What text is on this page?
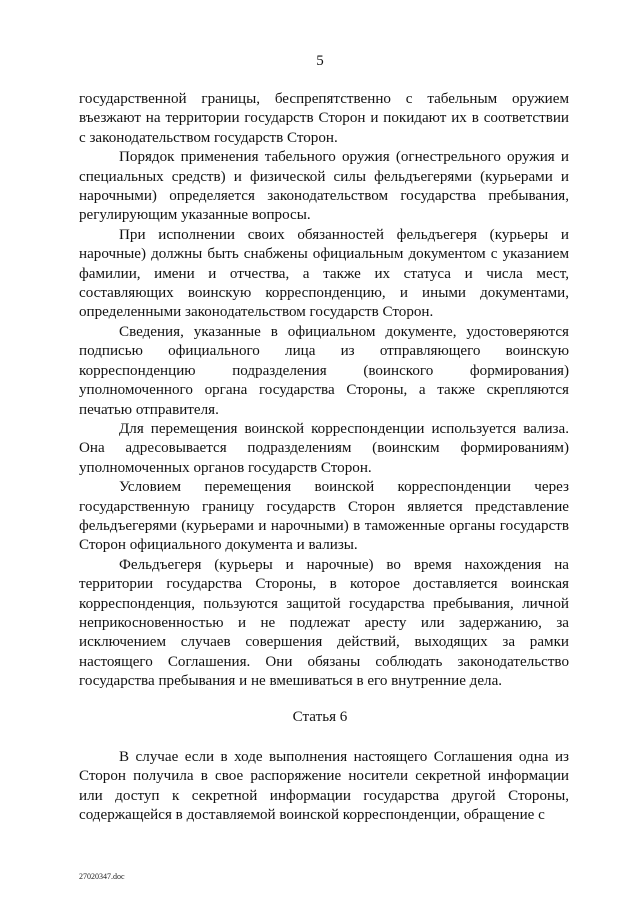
5

государственной границы, беспрепятственно с табельным оружием въезжают на территории государств Сторон и покидают их в соответствии с законодательством государств Сторон.

Порядок применения табельного оружия (огнестрельного оружия и специальных средств) и физической силы фельдъегерями (курьерами и нарочными) определяется законодательством государства пребывания, регулирующим указанные вопросы.

При исполнении своих обязанностей фельдъегеря (курьеры и нарочные) должны быть снабжены официальным документом с указанием фамилии, имени и отчества, а также их статуса и числа мест, составляющих воинскую корреспонденцию, и иными документами, определенными законодательством государств Сторон.

Сведения, указанные в официальном документе, удостоверяются подписью официального лица из отправляющего воинскую корреспонденцию подразделения (воинского формирования) уполномоченного органа государства Стороны, а также скрепляются печатью отправителя.

Для перемещения воинской корреспонденции используется вализа. Она адресовывается подразделениям (воинским формированиям) уполномоченных органов государств Сторон.

Условием перемещения воинской корреспонденции через государственную границу государств Сторон является представление фельдъегерями (курьерами и нарочными) в таможенные органы государств Сторон официального документа и вализы.

Фельдъегеря (курьеры и нарочные) во время нахождения на территории государства Стороны, в которое доставляется воинская корреспонденция, пользуются защитой государства пребывания, личной неприкосновенностью и не подлежат аресту или задержанию, за исключением случаев совершения действий, выходящих за рамки настоящего Соглашения. Они обязаны соблюдать законодательство государства пребывания и не вмешиваться в его внутренние дела.

Статья 6

В случае если в ходе выполнения настоящего Соглашения одна из Сторон получила в свое распоряжение носители секретной информации или доступ к секретной информации государства другой Стороны, содержащейся в доставляемой воинской корреспонденции, обращение с

27020347.doc
